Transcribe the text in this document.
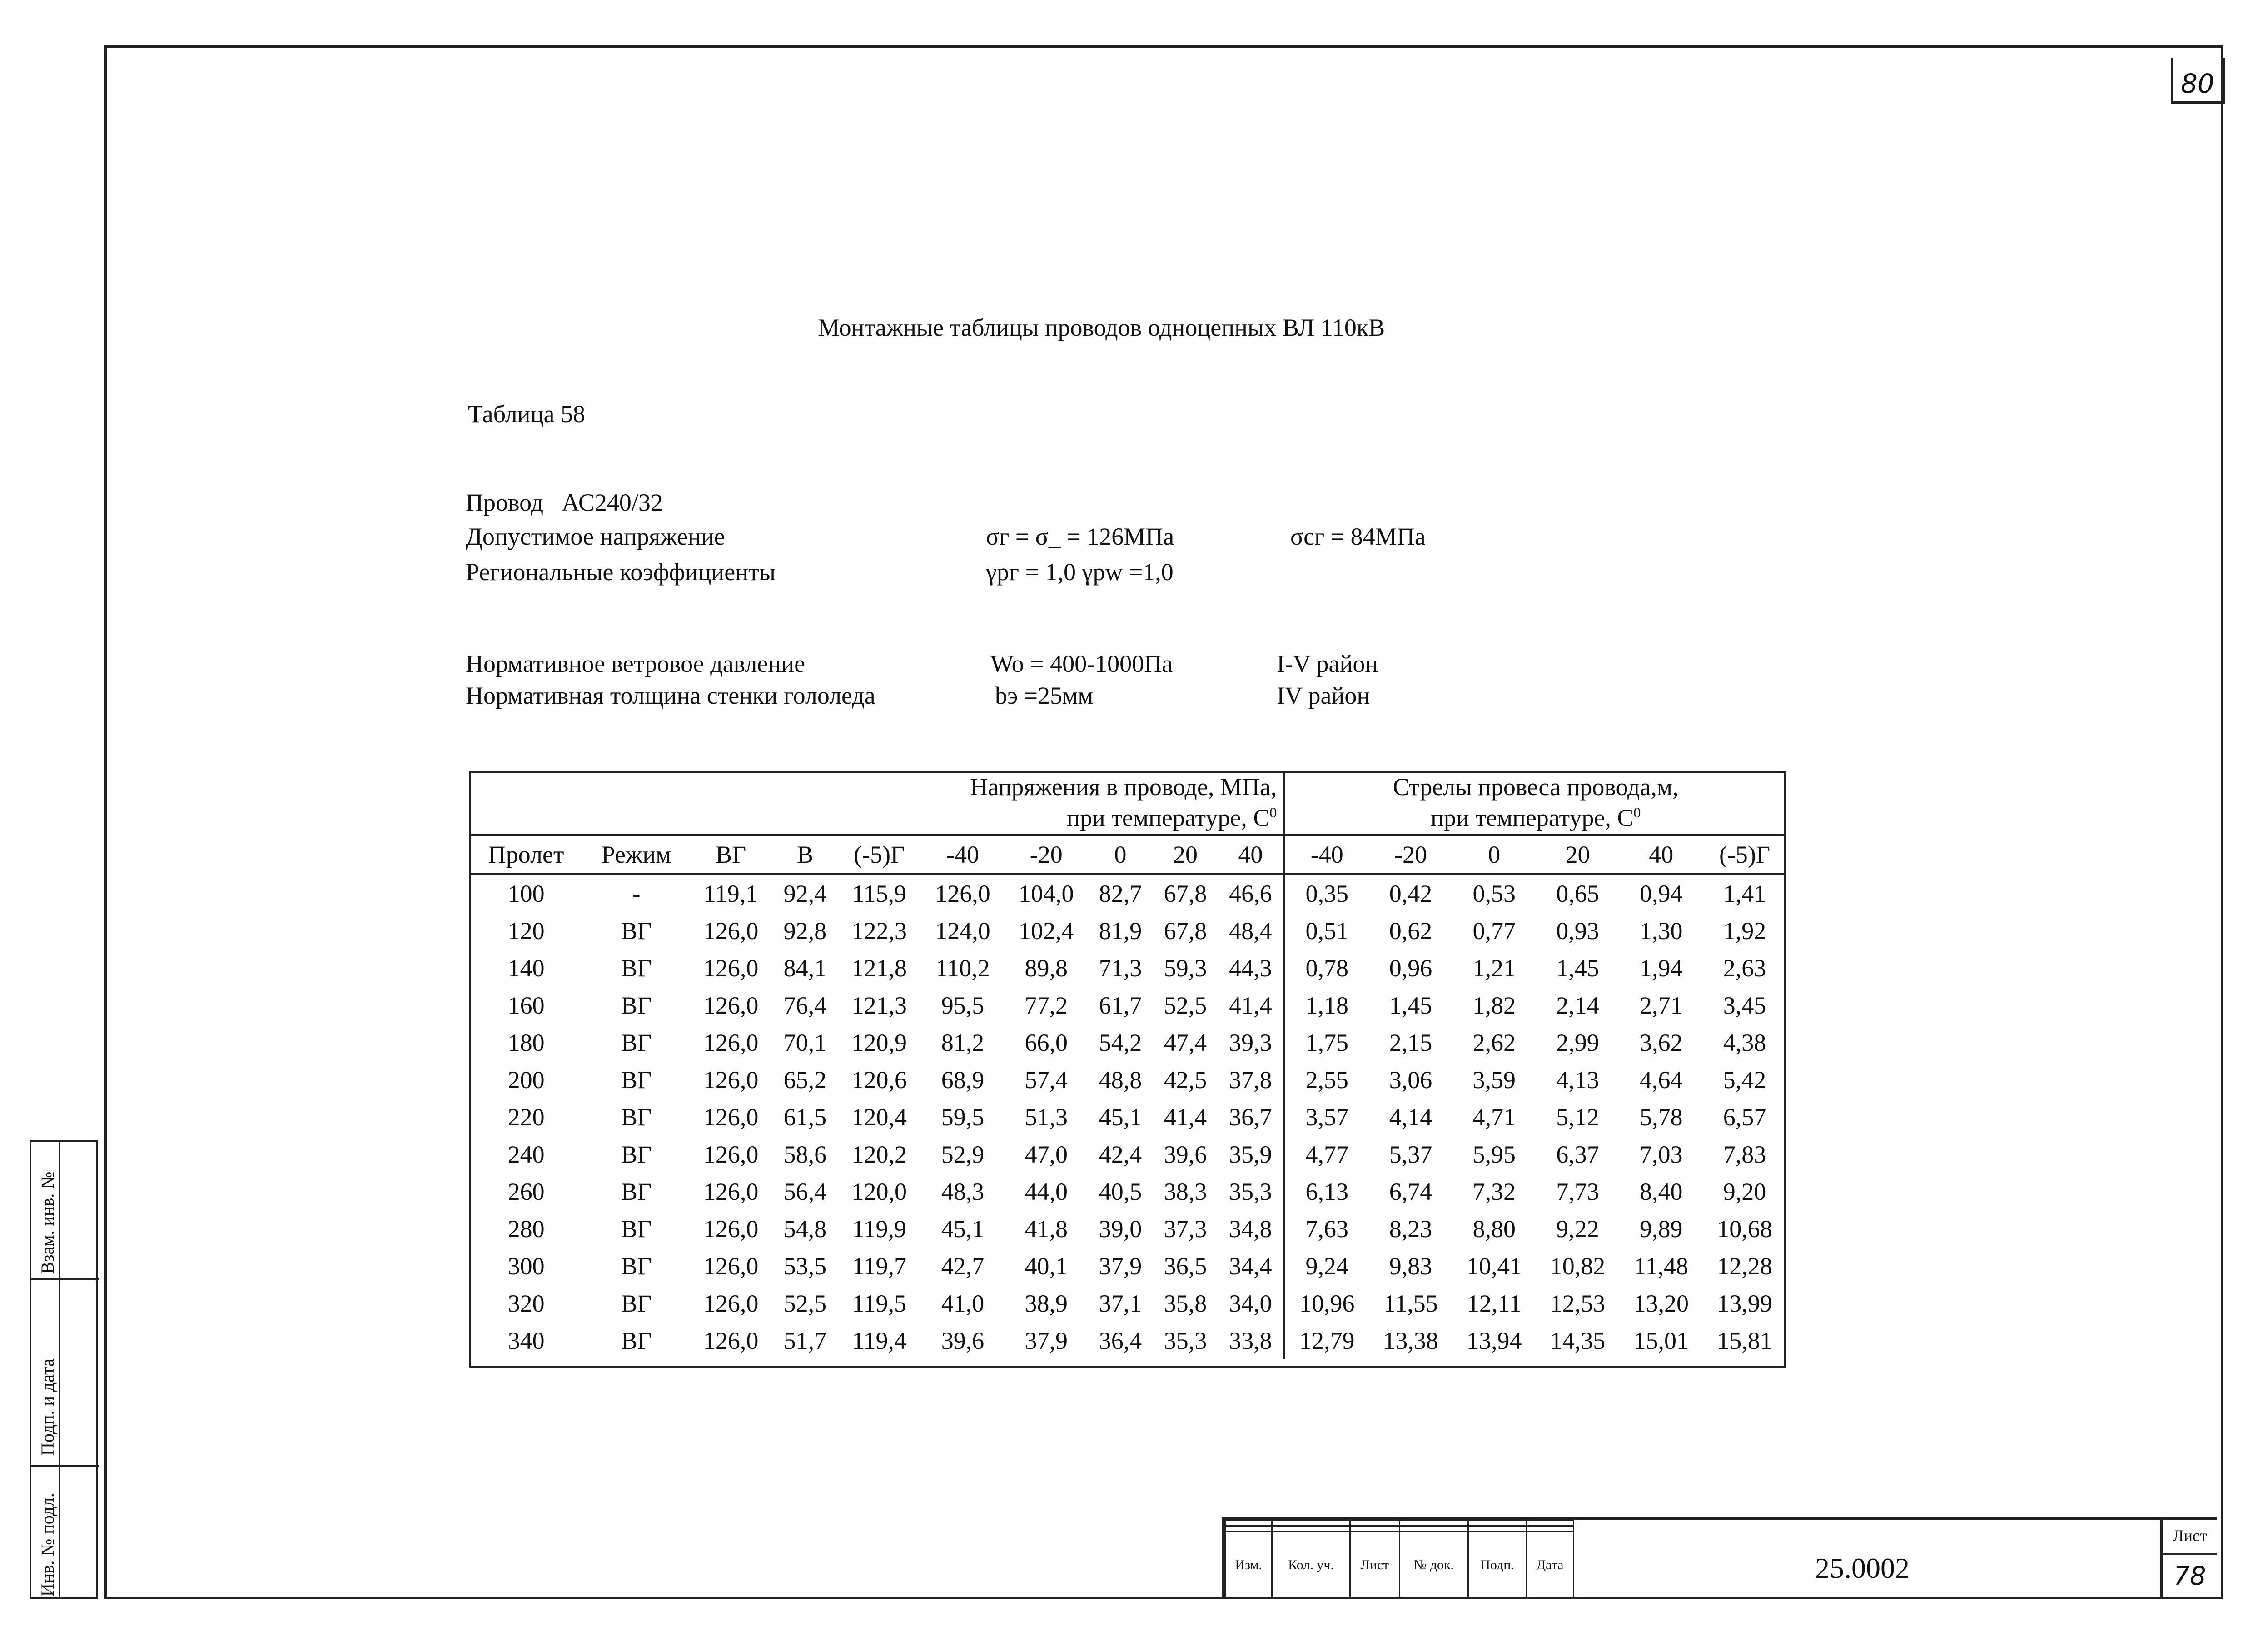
80
Монтажные таблицы проводов одноцепных ВЛ 110кВ
Таблица 58
Провод АС240/32
Допустимое напряжение	σг = σ_ = 126МПа	σсг = 84МПа
Региональные коэффициенты	γрг = 1,0 γpw =1,0
Нормативное ветровое давление	Wo = 400-1000Па	I-V район
Нормативная толщина стенки гололеда	bэ =25мм	IV район
Напряжения в проводе, МПа,
при температуре, $С^0$										Стрелы провеса провода,м,
при температуре, $С^0$
Пролет	Режим	ВГ	В	(-5)Г	-40	-20	0	20	40	-40	-20	0	20	40	(-5)Г
100	-	119,1	92,4	115,9	126,0	104,0	82,7	67,8	46,6	0,35	0,42	0,53	0,65	0,94	1,41
120	ВГ	126,0	92,8	122,3	124,0	102,4	81,9	67,8	48,4	0,51	0,62	0,77	0,93	1,30	1,92
140	ВГ	126,0	84,1	121,8	110,2	89,8	71,3	59,3	44,3	0,78	0,96	1,21	1,45	1,94	2,63
160	ВГ	126,0	76,4	121,3	95,5	77,2	61,7	52,5	41,4	1,18	1,45	1,82	2,14	2,71	3,45
180	ВГ	126,0	70,1	120,9	81,2	66,0	54,2	47,4	39,3	1,75	2,15	2,62	2,99	3,62	4,38
200	ВГ	126,0	65,2	120,6	68,9	57,4	48,8	42,5	37,8	2,55	3,06	3,59	4,13	4,64	5,42
220	ВГ	126,0	61,5	120,4	59,5	51,3	45,1	41,4	36,7	3,57	4,14	4,71	5,12	5,78	6,57
240	ВГ	126,0	58,6	120,2	52,9	47,0	42,4	39,6	35,9	4,77	5,37	5,95	6,37	7,03	7,83
260	ВГ	126,0	56,4	120,0	48,3	44,0	40,5	38,3	35,3	6,13	6,74	7,32	7,73	8,40	9,20
280	ВГ	126,0	54,8	119,9	45,1	41,8	39,0	37,3	34,8	7,63	8,23	8,80	9,22	9,89	10,68
300	ВГ	126,0	53,5	119,7	42,7	40,1	37,9	36,5	34,4	9,24	9,83	10,41	10,82	11,48	12,28
320	ВГ	126,0	52,5	119,5	41,0	38,9	37,1	35,8	34,0	10,96	11,55	12,11	12,53	13,20	13,99
340	ВГ	126,0	51,7	119,4	39,6	37,9	36,4	35,3	33,8	12,79	13,38	13,94	14,35	15,01	15,81
Инв. № подл.
Подп. и дата
Взам. инв. №

Изм.	Кол. уч.	Лист	№ док.	Подп.	Дата	25.0002
Лист
78
